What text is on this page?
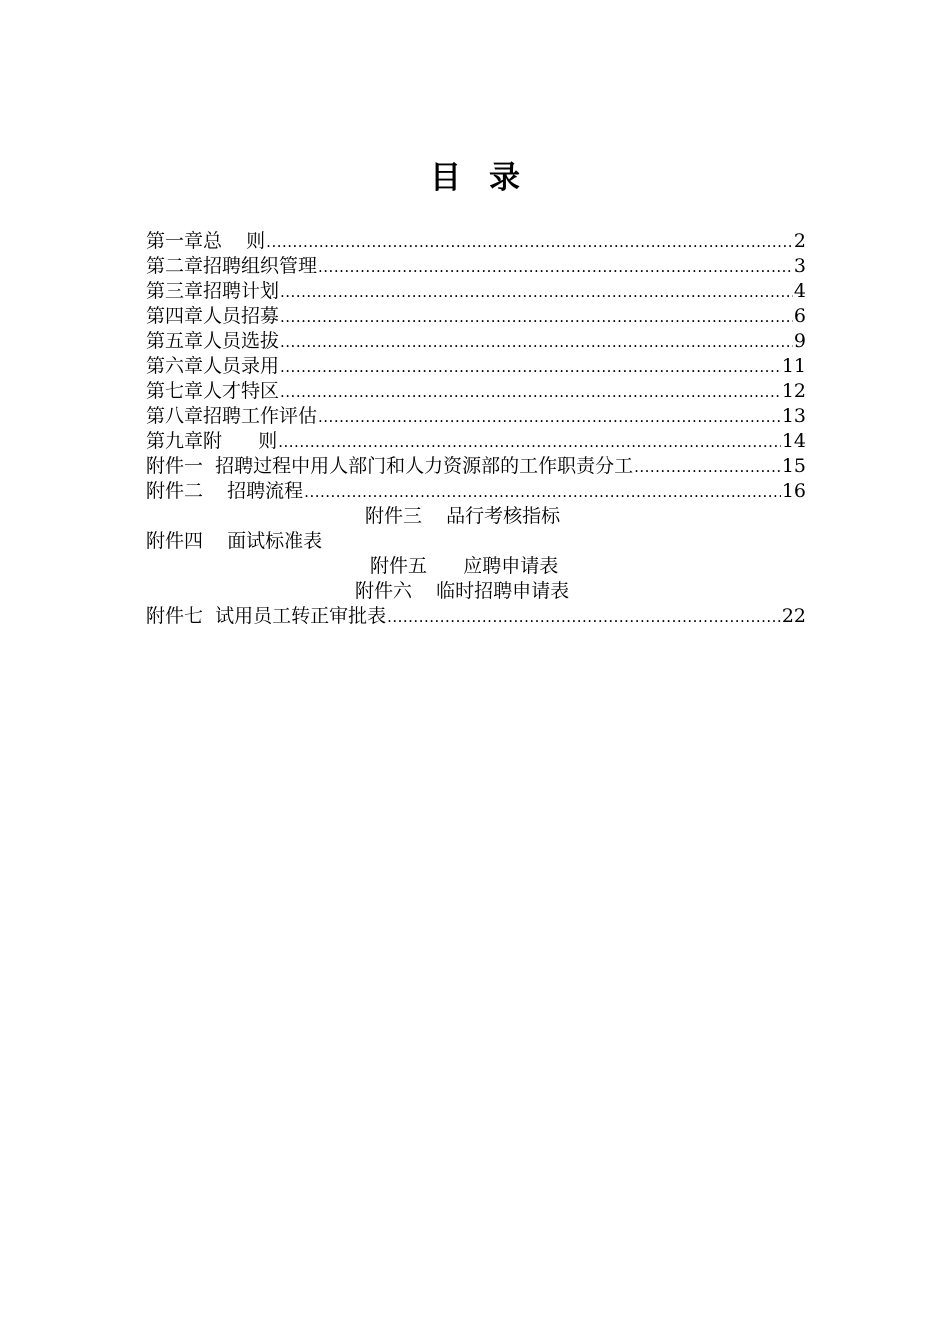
目录
第一章总    则 .....	2
第二章招聘组织管理 .....	3
第三章招聘计划 .....	4
第四章人员招募 .....	6
第五章人员选拔 .....	9
第六章人员录用 .....	11
第七章人才特区 .....	12
第八章招聘工作评估 .....	13
第九章附      则 .....	14
附件一  招聘过程中用人部门和人力资源部的工作职责分工 .....	15
附件二    招聘流程 .....	16
附件三    品行考核指标
附件四    面试标准表
附件五      应聘申请表
附件六    临时招聘申请表
附件七  试用员工转正审批表 .....	22
